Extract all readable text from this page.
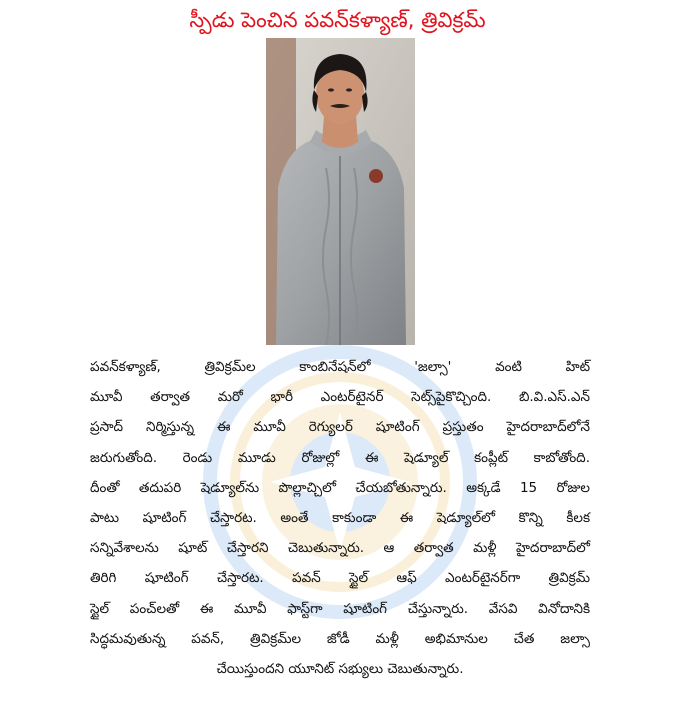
స్పీడు పెంచిన పవన్‌కళ్యాణ్‌, త్రివిక్రమ్‌
పవన్‌కళ్యాణ్‌, త్రివిక్రమ్‌ల కాంబినేషన్‌లో 'జల్సా' వంటి హిట్‌
మూవీ తర్వాత మరో భారీ ఎంటర్‌టైనర్‌ సెట్స్‌పైకొచ్చింది. బి.వి.ఎస్‌.ఎన్‌
ప్రసాద్‌ నిర్మిస్తున్న ఈ మూవీ రెగ్యులర్‌ షూటింగ్‌ ప్రస్తుతం హైదరాబాద్‌లోనే
జరుగుతోంది. రెండు మూడు రోజుల్లో ఈ షెడ్యూల్‌ కంప్లీట్‌ కాబోతోంది.
దీంతో తదుపరి షెడ్యూల్‌ను పొల్లాచ్చిలో చేయబోతున్నారు. అక్కడే 15 రోజుల
పాటు షూటింగ్‌ చేస్తారట. అంతే కాకుండా ఈ షెడ్యూల్‌లో కొన్ని కీలక
సన్నివేశాలను షూట్‌ చేస్తారని చెబుతున్నారు. ఆ తర్వాత మళ్లీ హైదరాబాద్‌లో
తిరిగి షూటింగ్‌ చేస్తారట. పవన్‌ స్టైల్‌ ఆఫ్‌ ఎంటర్‌టైనర్‌గా త్రివిక్రమ్‌
స్టైల్‌ పంచ్‌లతో ఈ మూవీ ఫాస్ట్‌గా షూటింగ్‌ చేస్తున్నారు. వేసవి వినోదానికి
సిద్ధమవుతున్న పవన్‌, త్రివిక్రమ్‌ల జోడీ మళ్లీ అభిమానుల చేత జల్సా
చేయిస్తుందని యూనిట్‌ సభ్యులు చెబుతున్నారు.
